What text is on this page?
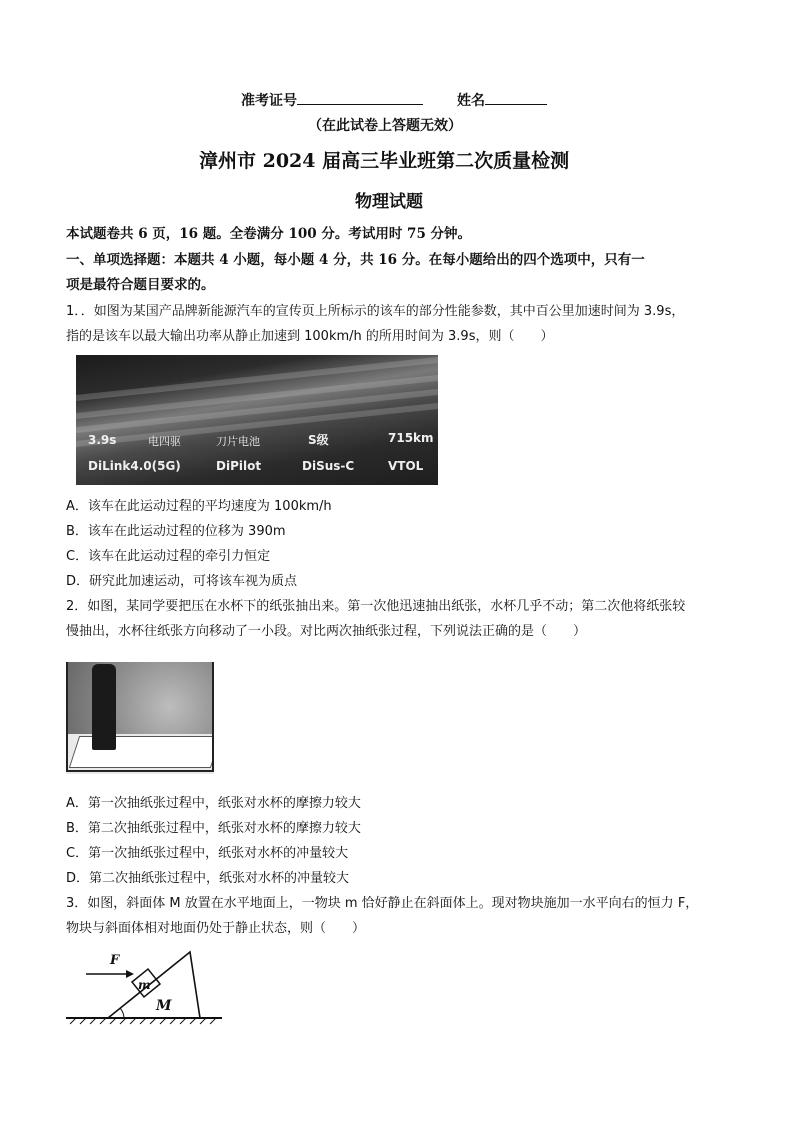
准考证号	姓名
（在此试卷上答题无效）
漳州市 2024 届高三毕业班第二次质量检测
物理试题
本试题卷共 6 页，16 题。全卷满分 100 分。考试用时 75 分钟。
一、单项选择题：本题共 4 小题，每小题 4 分，共 16 分。在每小题给出的四个选项中，只有一
项是最符合题目要求的。
1．．如图为某国产品牌新能源汽车的宣传页上所标示的该车的部分性能参数，其中百公里加速时间为 3.9s，
指的是该车以最大输出功率从静止加速到 100km/h 的所用时间为 3.9s，则（　　）
3.9s	电四驱	刀片电池	S级	715km
DiLink4.0(5G)	DiPilot	DiSus-C	VTOL
A．该车在此运动过程的平均速度为 100km/h
B．该车在此运动过程的位移为 390m
C．该车在此运动过程的牵引力恒定
D．研究此加速运动，可将该车视为质点
2．如图，某同学要把压在水杯下的纸张抽出来。第一次他迅速抽出纸张，水杯几乎不动；第二次他将纸张较
慢抽出，水杯往纸张方向移动了一小段。对比两次抽纸张过程，下列说法正确的是（　　）
A．第一次抽纸张过程中，纸张对水杯的摩擦力较大
B．第二次抽纸张过程中，纸张对水杯的摩擦力较大
C．第一次抽纸张过程中，纸张对水杯的冲量较大
D．第二次抽纸张过程中，纸张对水杯的冲量较大
3．如图，斜面体 M 放置在水平地面上，一物块 m 恰好静止在斜面体上。现对物块施加一水平向右的恒力 F，
物块与斜面体相对地面仍处于静止状态，则（　　）
F
m
M
